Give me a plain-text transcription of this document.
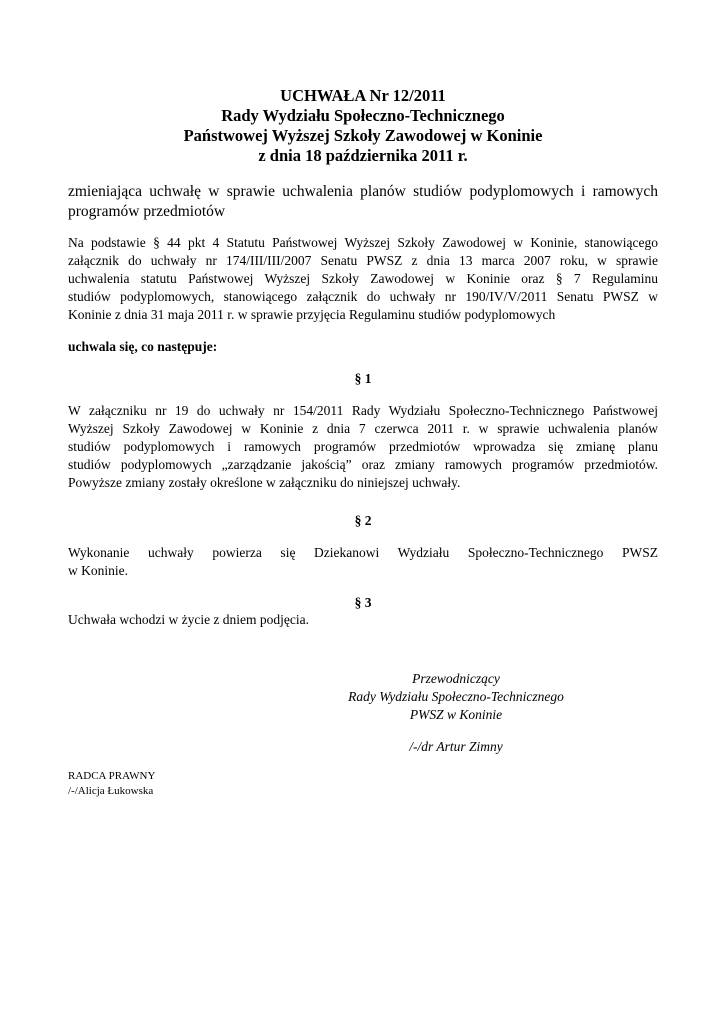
UCHWAŁA Nr 12/2011
Rady Wydziału Społeczno-Technicznego
Państwowej Wyższej Szkoły Zawodowej w Koninie
z dnia 18 października 2011 r.
zmieniająca uchwałę w sprawie uchwalenia planów studiów podyplomowych i ramowych
programów przedmiotów
Na podstawie § 44 pkt 4 Statutu Państwowej Wyższej Szkoły Zawodowej w Koninie, stanowiącego
załącznik do uchwały nr 174/III/III/2007 Senatu PWSZ z dnia 13 marca 2007 roku, w sprawie
uchwalenia statutu Państwowej Wyższej Szkoły Zawodowej w Koninie oraz § 7 Regulaminu
studiów podyplomowych, stanowiącego załącznik do uchwały nr 190/IV/V/2011 Senatu PWSZ w
Koninie z dnia 31 maja 2011 r. w sprawie przyjęcia Regulaminu studiów podyplomowych
uchwala się, co następuje:
§ 1
W załączniku nr 19 do uchwały nr 154/2011 Rady Wydziału Społeczno-Technicznego Państwowej
Wyższej Szkoły Zawodowej w Koninie z dnia 7 czerwca 2011 r. w sprawie uchwalenia planów
studiów podyplomowych i ramowych programów przedmiotów wprowadza się zmianę planu
studiów podyplomowych „zarządzanie jakością” oraz zmiany ramowych programów przedmiotów.
Powyższe zmiany zostały określone w załączniku do niniejszej uchwały.
§ 2
Wykonanie uchwały powierza się Dziekanowi Wydziału Społeczno-Technicznego PWSZ
w Koninie.
§ 3
Uchwała wchodzi w życie z dniem podjęcia.
Przewodniczący
Rady Wydziału Społeczno-Technicznego
PWSZ w Koninie
/-/dr Artur Zimny
RADCA PRAWNY
/-/Alicja Łukowska
